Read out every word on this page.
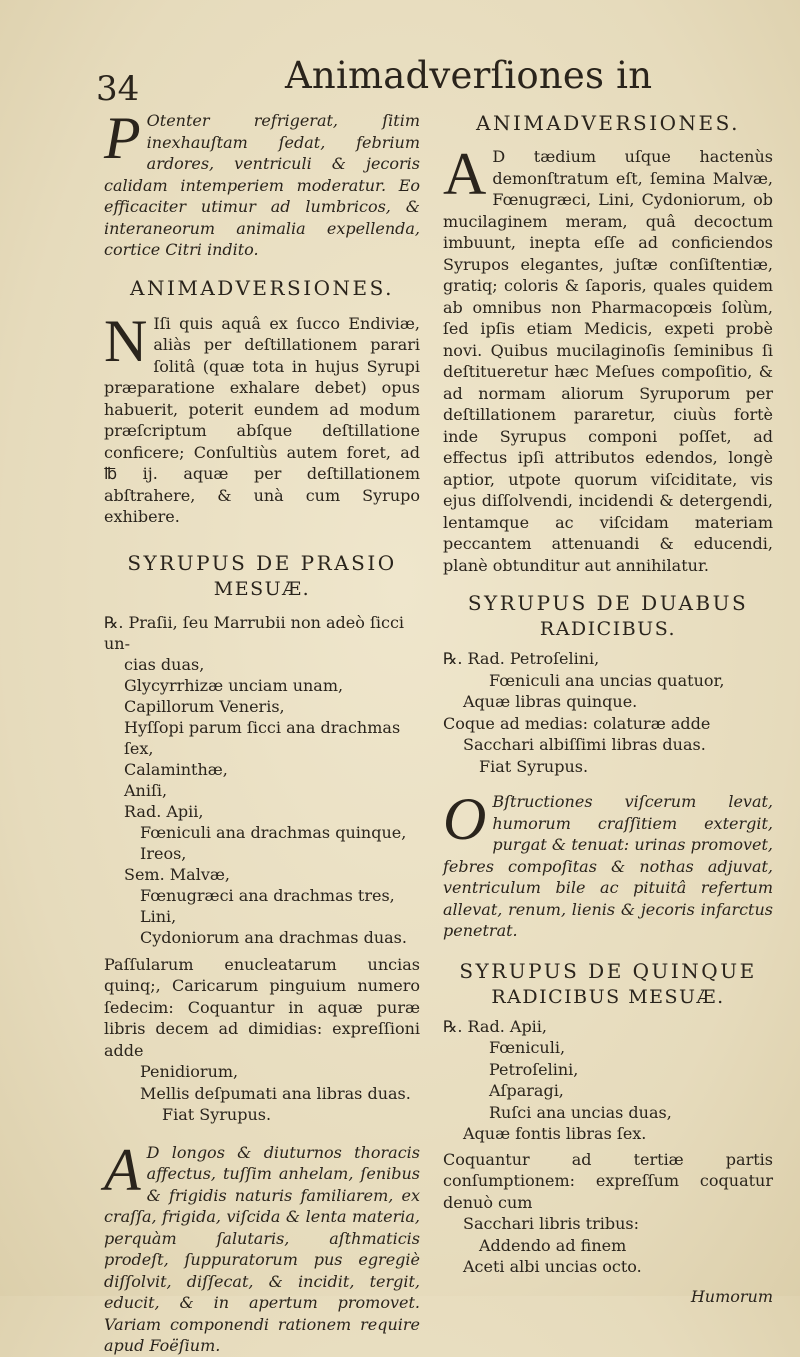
34	Animadverſiones in

P Otenter refrigerat, ſitim inexhauſtam ſedat, febrium ardores, ventriculi & jecoris calidam intemperiem moderatur. Eo efficaciter utimur ad lumbricos, & interaneorum animalia expellenda, cortice Citri indito.

ANIMADVERSIONES.

N Iſi quis aquâ ex ſucco Endiviæ, aliàs per deſtillationem parari ſolitâ (quæ tota in hujus Syrupi præparatione exhalare debet) opus habuerit, poterit eundem ad modum præſcriptum abſque deſtillatione conficere; Conſultiùs autem foret, ad ℔ ij. aquæ per deſtillationem abſtrahere, & unà cum Syrupo exhibere.

SYRUPUS DE PRASIO

MESUÆ.

℞. Praſii, ſeu Marrubii non adeò ſicci un-

cias duas,

Glycyrrhizæ unciam unam,

Capillorum Veneris,

Hyſſopi parum ſicci ana drachmas ſex,

Calaminthæ,

Aniſi,

Rad. Apii,

Fœniculi ana drachmas quinque,

Ireos,

Sem. Malvæ,

Fœnugræci ana drachmas tres,

Lini,

Cydoniorum ana drachmas duas.

Paſſularum enucleatarum uncias quinq;, Caricarum pinguium numero ſedecim: Coquantur in aquæ puræ libris decem ad dimidias: expreſſioni adde

Penidiorum,

Mellis deſpumati ana libras duas.

Fiat Syrupus.

A D longos & diuturnos thoracis affectus, tuſſim anhelam, ſenibus & frigidis naturis familiarem, ex craſſa, frigida, viſcida & lenta materia, perquàm ſalutaris, aſthmaticis prodeſt, ſuppuratorum pus egregiè diſſolvit, diſſecat, & incidit, tergit, educit, & in apertum promovet. Variam componendi rationem require apud Foëſium.

ANIMADVERSIONES.

A D tædium uſque hactenùs demonſtratum eſt, ſemina Malvæ, Fœnugræci, Lini, Cydoniorum, ob mucilaginem meram, quâ decoctum imbuunt, inepta eſſe ad conficiendos Syrupos elegantes, juſtæ conſiſtentiæ, gratiq; coloris & ſaporis, quales quidem ab omnibus non Pharmacopœis ſolùm, ſed ipſis etiam Medicis, expeti probè novi. Quibus mucilaginoſis ſeminibus ſi deſtitueretur hæc Meſues compoſitio, & ad normam aliorum Syruporum per deſtillationem pararetur, ciuùs fortè inde Syrupus componi poſſet, ad effectus ipſi attributos edendos, longè aptior, utpote quorum viſciditate, vis ejus diſſolvendi, incidendi & detergendi, lentamque ac viſcidam materiam peccantem attenuandi & educendi, planè obtunditur aut annihilatur.

SYRUPUS DE DUABUS

RADICIBUS.

℞. Rad. Petroſelini,

Fœniculi ana uncias quatuor,

Aquæ libras quinque.

Coque ad medias: colaturæ adde

Sacchari albiſſimi libras duas.

Fiat Syrupus.

O Bſtructiones viſcerum levat, humorum craſſitiem extergit, purgat & tenuat: urinas promovet, febres compoſitas & nothas adjuvat, ventriculum bile ac pituitâ refertum allevat, renum, lienis & jecoris infarctus penetrat.

SYRUPUS DE QUINQUE

RADICIBUS MESUÆ.

℞. Rad. Apii,

Fœniculi,

Petroſelini,

Aſparagi,

Ruſci ana uncias duas,

Aquæ fontis libras ſex.

Coquantur ad tertiæ partis conſumptionem: expreſſum coquatur denuò cum

Sacchari libris tribus:

Addendo ad finem

Aceti albi uncias octo.

Humorum
